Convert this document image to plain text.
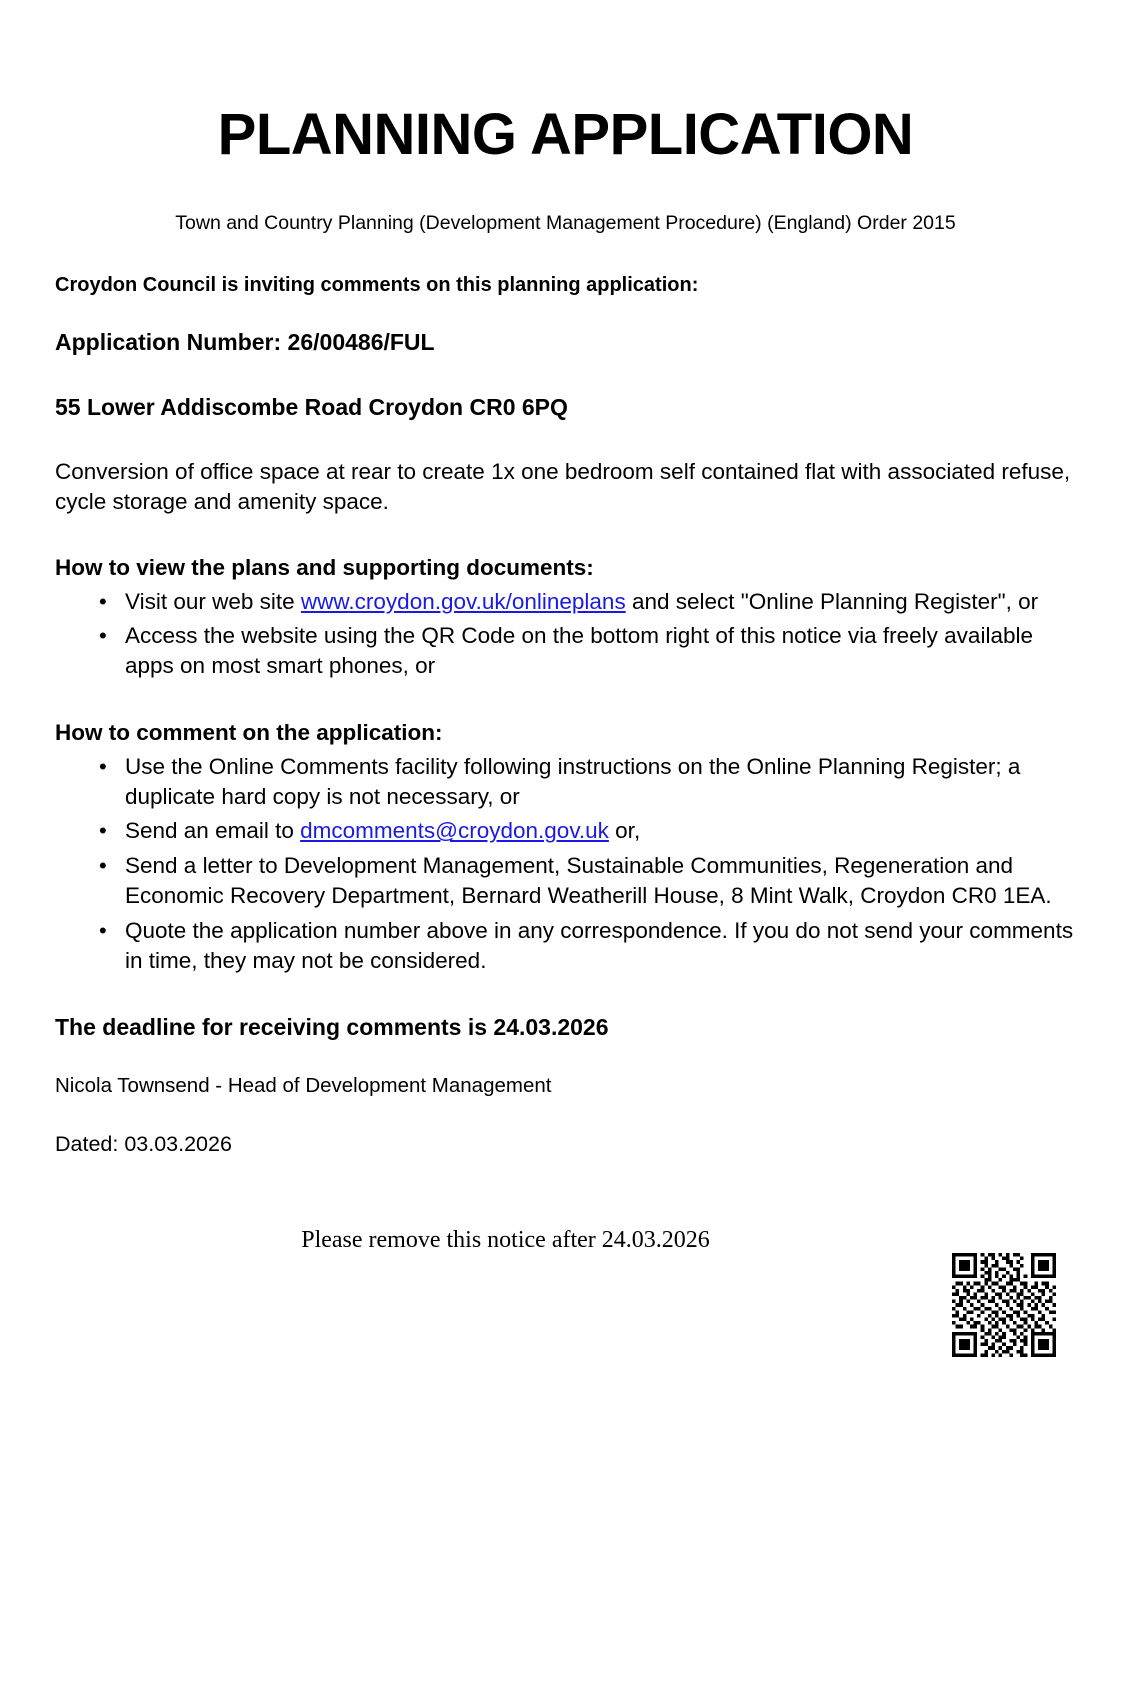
PLANNING APPLICATION

Town and Country Planning (Development Management Procedure) (England) Order 2015

Croydon Council is inviting comments on this planning application:

Application Number: 26/00486/FUL

55 Lower Addiscombe Road Croydon CR0 6PQ

Conversion of office space at rear to create 1x one bedroom self contained flat with associated refuse, cycle storage and amenity space.

How to view the plans and supporting documents:

• Visit our web site www.croydon.gov.uk/onlineplans and select "Online Planning Register", or
• Access the website using the QR Code on the bottom right of this notice via freely available apps on most smart phones, or

How to comment on the application:

• Use the Online Comments facility following instructions on the Online Planning Register; a duplicate hard copy is not necessary, or
• Send an email to dmcomments@croydon.gov.uk or,
• Send a letter to Development Management, Sustainable Communities, Regeneration and Economic Recovery Department, Bernard Weatherill House, 8 Mint Walk, Croydon CR0 1EA.
• Quote the application number above in any correspondence. If you do not send your comments in time, they may not be considered.

The deadline for receiving comments is 24.03.2026

Nicola Townsend - Head of Development Management

Dated: 03.03.2026

Please remove this notice after 24.03.2026
